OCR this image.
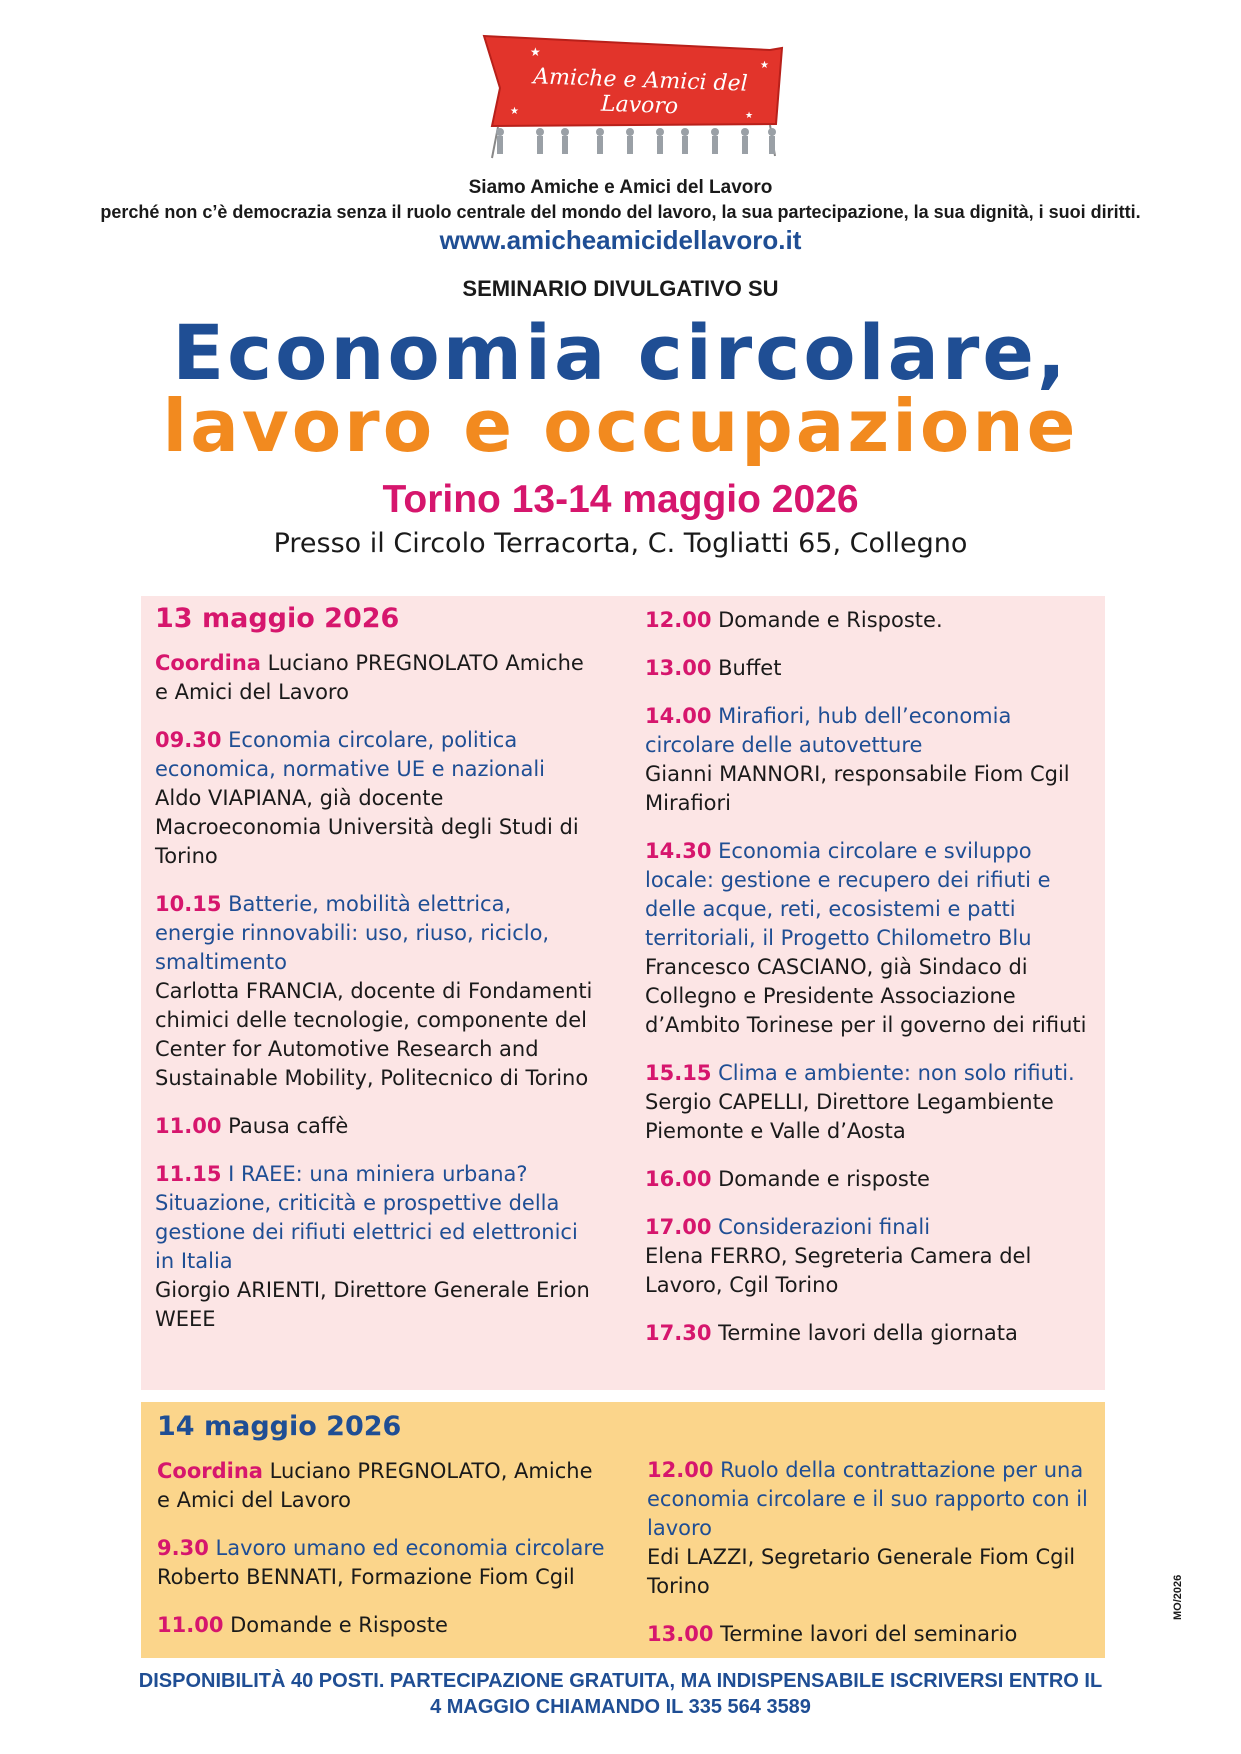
★
★
★	★
Amiche e Amici del Lavoro
Siamo Amiche e Amici del Lavoro
perché non c’è democrazia senza il ruolo centrale del mondo del lavoro, la sua partecipazione, la sua dignità, i suoi diritti.
www.amicheamicidellavoro.it
SEMINARIO DIVULGATIVO SU
Economia circolare,
lavoro e occupazione
Torino 13-14 maggio 2026
Presso il Circolo Terracorta, C. Togliatti 65, Collegno
13 maggio 2026
Coordina Luciano PREGNOLATO Amiche e Amici del Lavoro
09.30 Economia circolare, politica economica, normative UE e nazionali
Aldo VIAPIANA, già docente Macroeconomia Università degli Studi di Torino
10.15 Batterie, mobilità elettrica, energie rinnovabili: uso, riuso, riciclo, smaltimento
Carlotta FRANCIA, docente di Fondamenti chimici delle tecnologie, componente del Center for Automotive Research and Sustainable Mobility, Politecnico di Torino
11.00 Pausa caffè
11.15 I RAEE: una miniera urbana? Situazione, criticità e prospettive della gestione dei rifiuti elettrici ed elettronici in Italia
Giorgio ARIENTI, Direttore Generale Erion WEEE
12.00 Domande e Risposte.
13.00 Buffet
14.00 Mirafiori, hub dell’economia circolare delle autovetture
Gianni MANNORI, responsabile Fiom Cgil Mirafiori
14.30 Economia circolare e sviluppo locale: gestione e recupero dei rifiuti e delle acque, reti, ecosistemi e patti territoriali, il Progetto Chilometro Blu
Francesco CASCIANO, già Sindaco di Collegno e Presidente Associazione d’Ambito Torinese per il governo dei rifiuti
15.15 Clima e ambiente: non solo rifiuti.
Sergio CAPELLI, Direttore Legambiente Piemonte e Valle d’Aosta
16.00 Domande e risposte
17.00 Considerazioni finali
Elena FERRO, Segreteria Camera del Lavoro, Cgil Torino
17.30 Termine lavori della giornata
14 maggio 2026
Coordina Luciano PREGNOLATO, Amiche e Amici del Lavoro
9.30 Lavoro umano ed economia circolare
Roberto BENNATI, Formazione Fiom Cgil
11.00 Domande e Risposte
12.00 Ruolo della contrattazione per una economia circolare e il suo rapporto con il lavoro
Edi LAZZI, Segretario Generale Fiom Cgil Torino
13.00 Termine lavori del seminario
DISPONIBILITÀ 40 POSTI. PARTECIPAZIONE GRATUITA, MA INDISPENSABILE ISCRIVERSI ENTRO IL
4 MAGGIO CHIAMANDO IL 335 564 3589
MO/2026
